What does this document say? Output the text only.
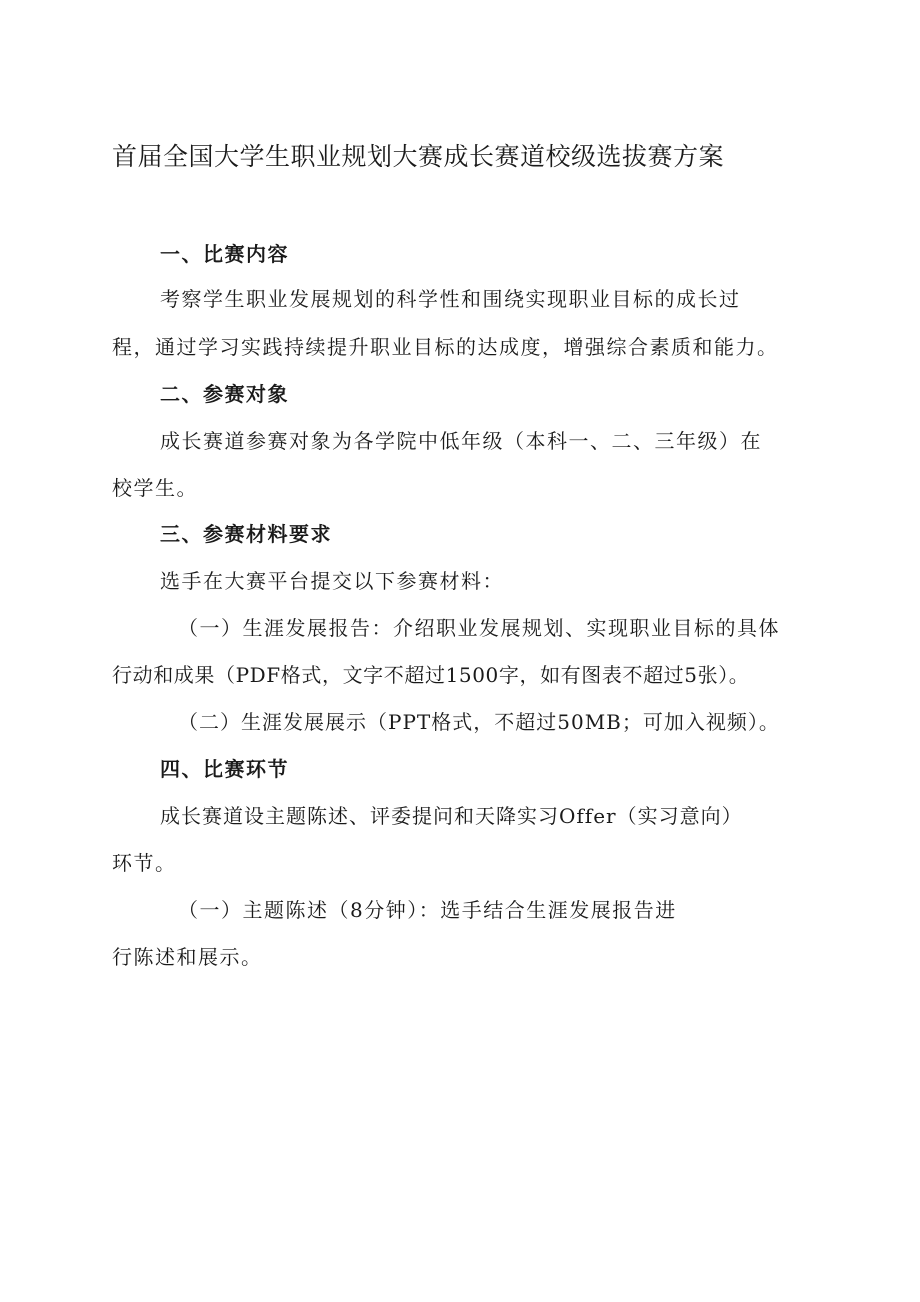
首届全国大学生职业规划大赛成长赛道校级选拔赛方案
一、比赛内容
考察学生职业发展规划的科学性和围绕实现职业目标的成长过
程，通过学习实践持续提升职业目标的达成度，增强综合素质和能力。
二、参赛对象
成长赛道参赛对象为各学院中低年级（本科一、二、三年级）在
校学生。
三、参赛材料要求
选手在大赛平台提交以下参赛材料：
（一）生涯发展报告：介绍职业发展规划、实现职业目标的具体
行动和成果（PDF格式，文字不超过1500字，如有图表不超过5张）。
（二）生涯发展展示（PPT格式，不超过50MB；可加入视频）。
四、比赛环节
成长赛道设主题陈述、评委提问和天降实习Offer（实习意向）
环节。
（一）主题陈述（8分钟）：选手结合生涯发展报告进
行陈述和展示。
